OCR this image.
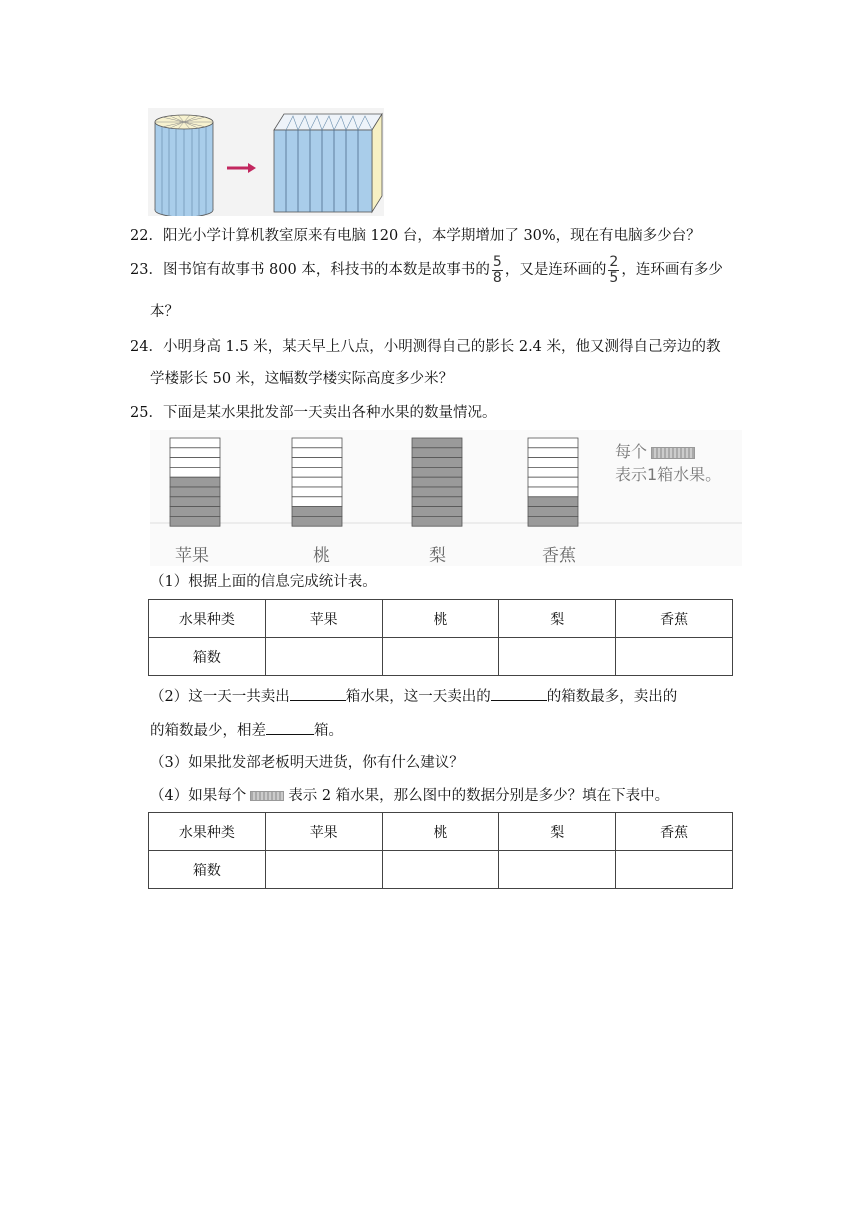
22．阳光小学计算机教室原来有电脑 120 台，本学期增加了 30%，现在有电脑多少台？
23．图书馆有故事书 800 本，科技书的本数是故事书的 $\frac{5}{8}$ ，又是连环画的 $\frac{2}{5}$ ，连环画有多少
本？
24．小明身高 1.5 米，某天早上八点，小明测得自己的影长 2.4 米，他又测得自己旁边的教
学楼影长 50 米，这幅数学楼实际高度多少米？
25．下面是某水果批发部一天卖出各种水果的数量情况。
苹果	桃	梨	香蕉
每个
表示1箱水果。
（1）根据上面的信息完成统计表。
水果种类	苹果	桃	梨	香蕉
箱数				
（2）这一天一共卖出	箱水果，这一天卖出的	的箱数最多，卖出的
的箱数最少，相差	箱。
（3）如果批发部老板明天进货，你有什么建议？
（4）如果每个	表示 2 箱水果，那么图中的数据分别是多少？填在下表中。
水果种类	苹果	桃	梨	香蕉
箱数				
